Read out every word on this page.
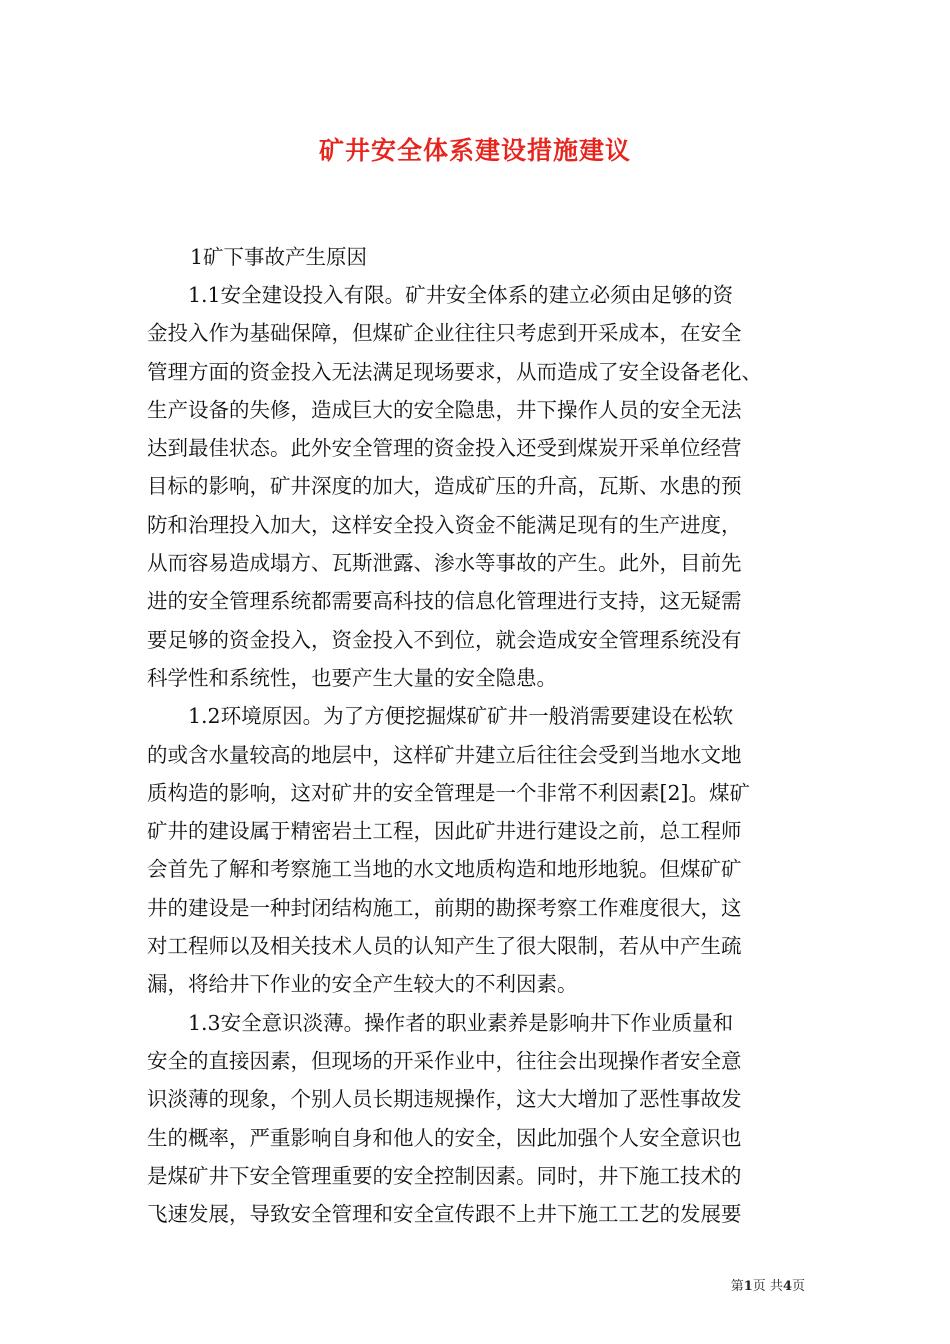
矿井安全体系建设措施建议
1矿下事故产生原因
　　1.1安全建设投入有限。矿井安全体系的建立必须由足够的资
金投入作为基础保障，但煤矿企业往往只考虑到开采成本，在安全
管理方面的资金投入无法满足现场要求，从而造成了安全设备老化、
生产设备的失修，造成巨大的安全隐患，井下操作人员的安全无法
达到最佳状态。此外安全管理的资金投入还受到煤炭开采单位经营
目标的影响，矿井深度的加大，造成矿压的升高，瓦斯、水患的预
防和治理投入加大，这样安全投入资金不能满足现有的生产进度，
从而容易造成塌方、瓦斯泄露、渗水等事故的产生。此外，目前先
进的安全管理系统都需要高科技的信息化管理进行支持，这无疑需
要足够的资金投入，资金投入不到位，就会造成安全管理系统没有
科学性和系统性，也要产生大量的安全隐患。
　　1.2环境原因。为了方便挖掘煤矿矿井一般消需要建设在松软
的或含水量较高的地层中，这样矿井建立后往往会受到当地水文地
质构造的影响，这对矿井的安全管理是一个非常不利因素[2]。煤矿
矿井的建设属于精密岩土工程，因此矿井进行建设之前，总工程师
会首先了解和考察施工当地的水文地质构造和地形地貌。但煤矿矿
井的建设是一种封闭结构施工，前期的勘探考察工作难度很大，这
对工程师以及相关技术人员的认知产生了很大限制，若从中产生疏
漏，将给井下作业的安全产生较大的不利因素。
　　1.3安全意识淡薄。操作者的职业素养是影响井下作业质量和
安全的直接因素，但现场的开采作业中，往往会出现操作者安全意
识淡薄的现象，个别人员长期违规操作，这大大增加了恶性事故发
生的概率，严重影响自身和他人的安全，因此加强个人安全意识也
是煤矿井下安全管理重要的安全控制因素。同时，井下施工技术的
飞速发展，导致安全管理和安全宣传跟不上井下施工工艺的发展要
第1页 共4页
